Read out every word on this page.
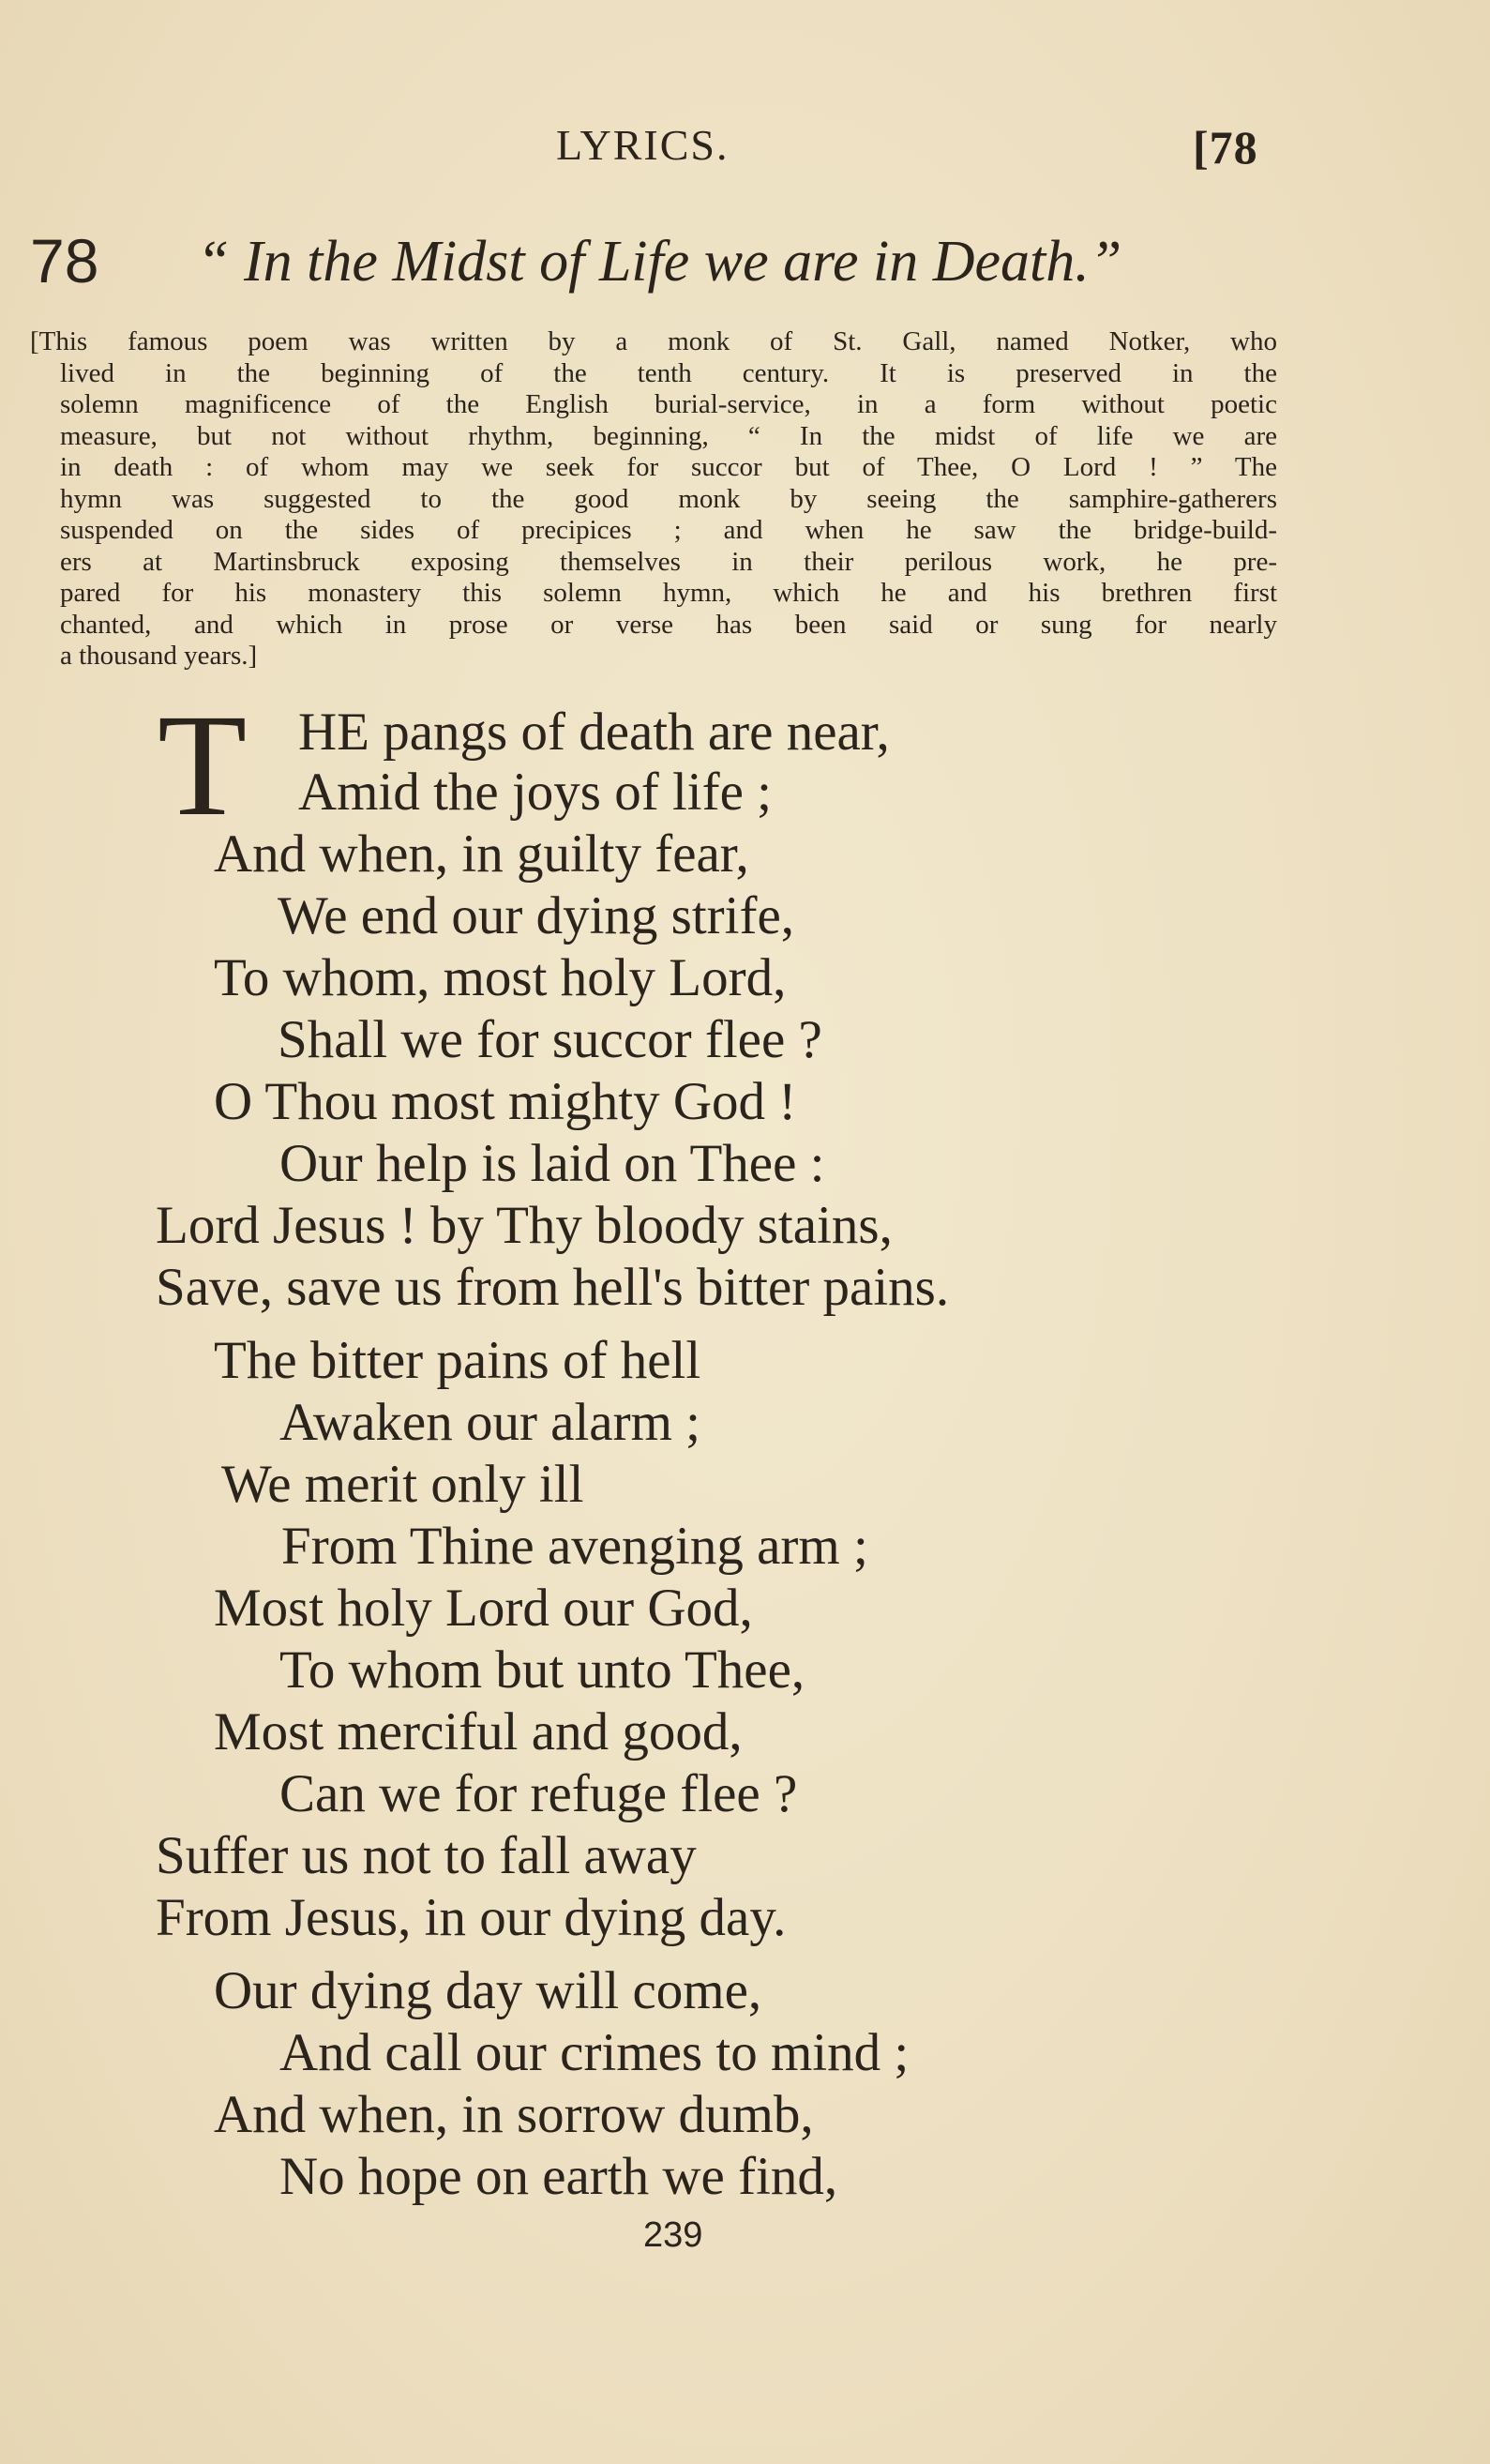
LYRICS.	[78
78 “ In the Midst of Life we are in Death.”
[This famous poem was written by a monk of St. Gall, named Notker, who
lived in the beginning of the tenth century. It is preserved in the
solemn magnificence of the English burial-service, in a form without poetic
measure, but not without rhythm, beginning, “ In the midst of life we are
in death : of whom may we seek for succor but of Thee, O Lord ! ” The
hymn was suggested to the good monk by seeing the samphire-gatherers
suspended on the sides of precipices ; and when he saw the bridge-build-
ers at Martinsbruck exposing themselves in their perilous work, he pre-
pared for his monastery this solemn hymn, which he and his brethren first
chanted, and which in prose or verse has been said or sung for nearly
a thousand years.]
T HE pangs of death are near,
Amid the joys of life ;
And when, in guilty fear,
We end our dying strife,
To whom, most holy Lord,
Shall we for succor flee ?
O Thou most mighty God !
Our help is laid on Thee :
Lord Jesus ! by Thy bloody stains,
Save, save us from hell's bitter pains.
The bitter pains of hell
Awaken our alarm ;
We merit only ill
From Thine avenging arm ;
Most holy Lord our God,
To whom but unto Thee,
Most merciful and good,
Can we for refuge flee ?
Suffer us not to fall away
From Jesus, in our dying day.
Our dying day will come,
And call our crimes to mind ;
And when, in sorrow dumb,
No hope on earth we find,
239
